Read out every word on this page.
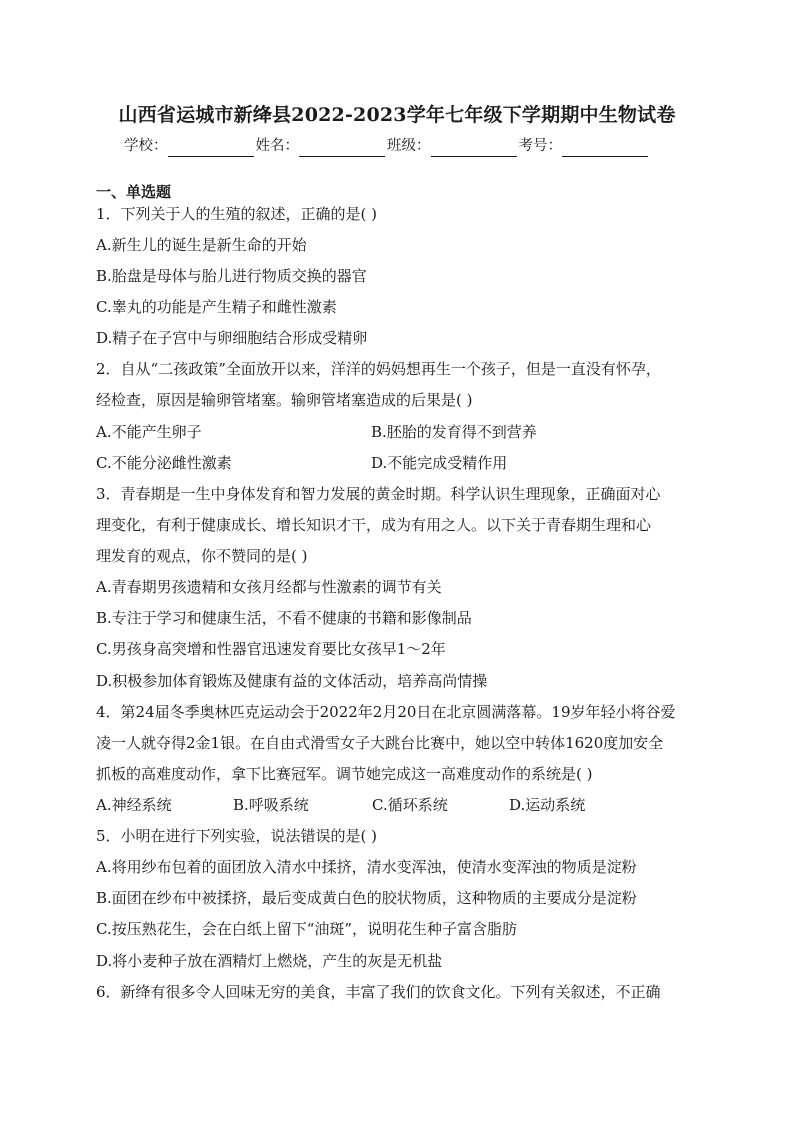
山西省运城市新绛县2022-2023学年七年级下学期期中生物试卷
学校：	姓名：	班级：	考号：
一、单选题
1．下列关于人的生殖的叙述，正确的是( )
A.新生儿的诞生是新生命的开始
B.胎盘是母体与胎儿进行物质交换的器官
C.睾丸的功能是产生精子和雌性激素
D.精子在子宫中与卵细胞结合形成受精卵
2．自从“二孩政策”全面放开以来，洋洋的妈妈想再生一个孩子，但是一直没有怀孕，
经检查，原因是输卵管堵塞。输卵管堵塞造成的后果是( )
A.不能产生卵子	B.胚胎的发育得不到营养
C.不能分泌雌性激素	D.不能完成受精作用
3．青春期是一生中身体发育和智力发展的黄金时期。科学认识生理现象，正确面对心
理变化，有利于健康成长、增长知识才干，成为有用之人。以下关于青春期生理和心
理发育的观点，你不赞同的是( )
A.青春期男孩遗精和女孩月经都与性激素的调节有关
B.专注于学习和健康生活，不看不健康的书籍和影像制品
C.男孩身高突增和性器官迅速发育要比女孩早1～2年
D.积极参加体育锻炼及健康有益的文体活动，培养高尚情操
4．第24届冬季奥林匹克运动会于2022年2月20日在北京圆满落幕。19岁年轻小将谷爱
凌一人就夺得2金1银。在自由式滑雪女子大跳台比赛中，她以空中转体1620度加安全
抓板的高难度动作，拿下比赛冠军。调节她完成这一高难度动作的系统是( )
A.神经系统	B.呼吸系统	C.循环系统	D.运动系统
5．小明在进行下列实验，说法错误的是( )
A.将用纱布包着的面团放入清水中揉挤，清水变浑浊，使清水变浑浊的物质是淀粉
B.面团在纱布中被揉挤，最后变成黄白色的胶状物质，这种物质的主要成分是淀粉
C.按压熟花生，会在白纸上留下“油斑”，说明花生种子富含脂肪
D.将小麦种子放在酒精灯上燃烧，产生的灰是无机盐
6．新绛有很多令人回味无穷的美食，丰富了我们的饮食文化。下列有关叙述，不正确
